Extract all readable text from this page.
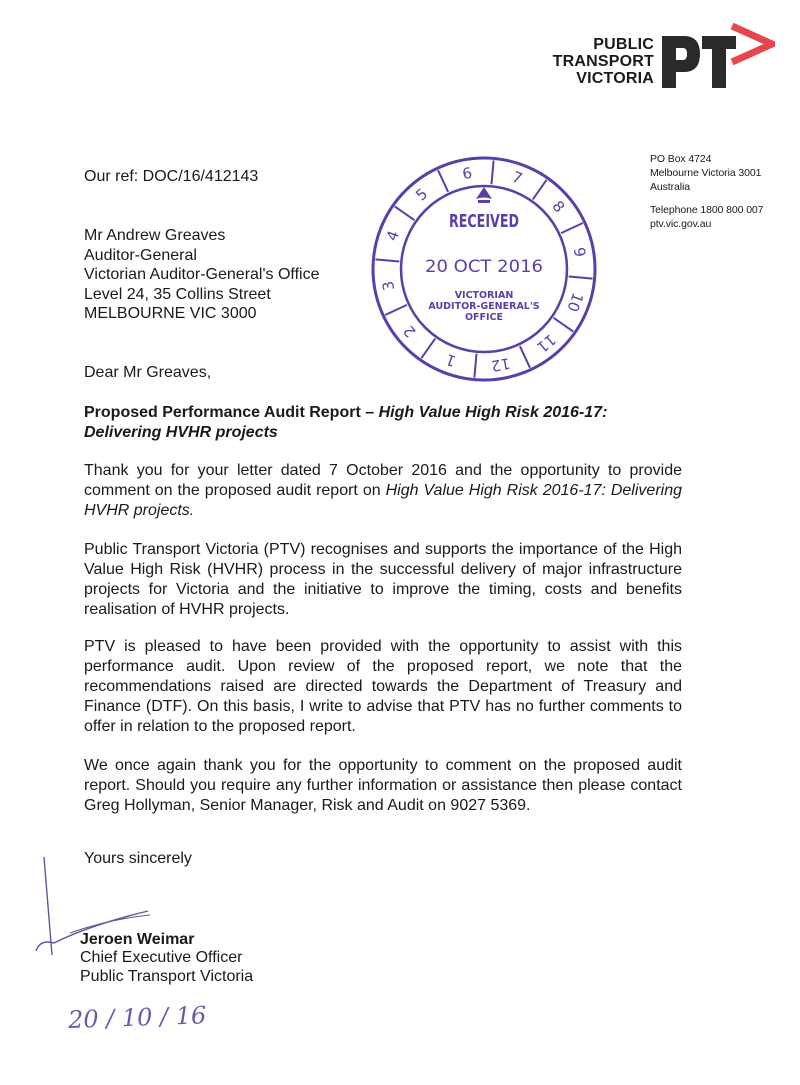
PUBLIC
TRANSPORT
VICTORIA
PO Box 4724
Melbourne Victoria 3001
Australia
Telephone 1800 800 007
ptv.vic.gov.au
Our ref: DOC/16/412143
Mr Andrew Greaves
Auditor-General
Victorian Auditor-General's Office
Level 24, 35 Collins Street
MELBOURNE VIC 3000
1
2
3
4
5
6 7
8
9
10
11
12
RECEIVED
20 OCT 2016
VICTORIAN
AUDITOR-GENERAL'S
OFFICE
Dear Mr Greaves,
Proposed Performance Audit Report – High Value High Risk 2016-17: Delivering HVHR projects
Thank you for your letter dated 7 October 2016 and the opportunity to provide comment on the proposed audit report on High Value High Risk 2016-17: Delivering HVHR projects.
Public Transport Victoria (PTV) recognises and supports the importance of the High Value High Risk (HVHR) process in the successful delivery of major infrastructure projects for Victoria and the initiative to improve the timing, costs and benefits realisation of HVHR projects.
PTV is pleased to have been provided with the opportunity to assist with this performance audit. Upon review of the proposed report, we note that the recommendations raised are directed towards the Department of Treasury and Finance (DTF). On this basis, I write to advise that PTV has no further comments to offer in relation to the proposed report.
We once again thank you for the opportunity to comment on the proposed audit report. Should you require any further information or assistance then please contact Greg Hollyman, Senior Manager, Risk and Audit on 9027 5369.
Yours sincerely
Jeroen Weimar
Chief Executive Officer
Public Transport Victoria
20 / 10 / 16
